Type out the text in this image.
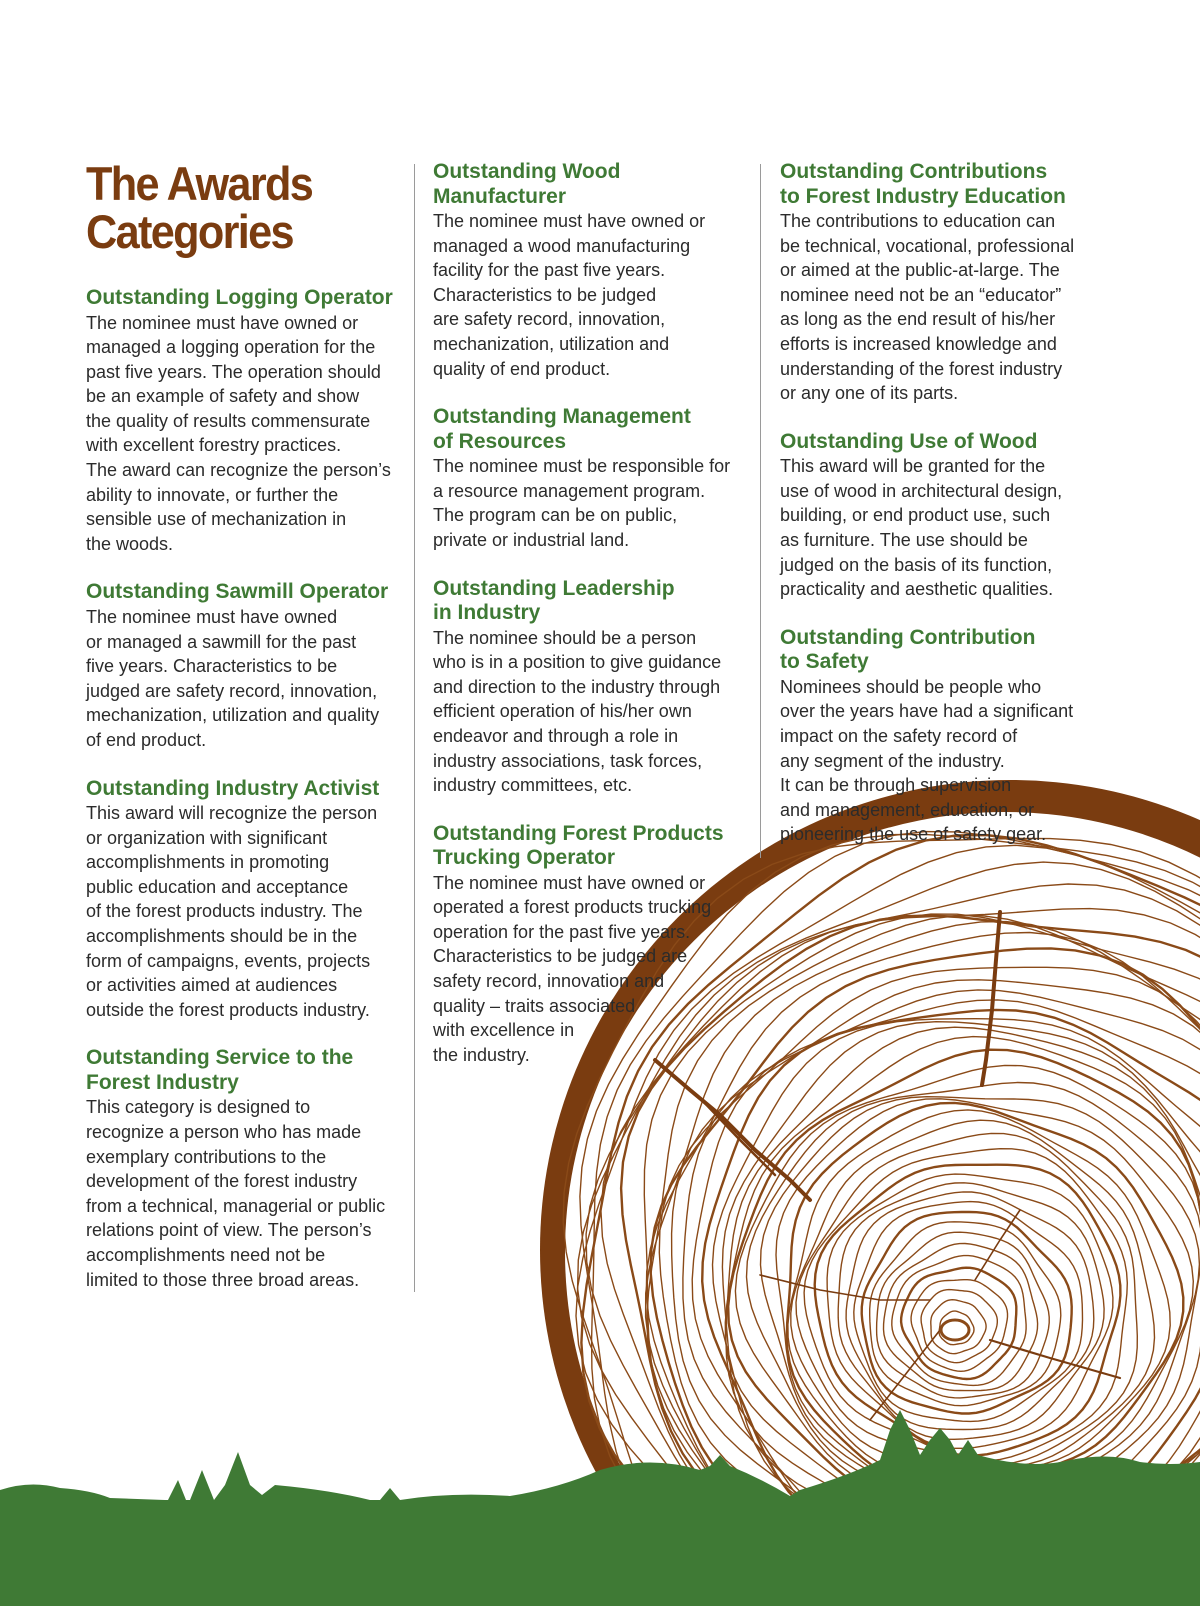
The Awards
Categories
Outstanding Logging Operator

The nominee must have owned or
managed a logging operation for the
past five years. The operation should
be an example of safety and show
the quality of results commensurate
with excellent forestry practices.
The award can recognize the person’s
ability to innovate, or further the
sensible use of mechanization in
the woods.

Outstanding Sawmill Operator

The nominee must have owned
or managed a sawmill for the past
five years. Characteristics to be
judged are safety record, innovation,
mechanization, utilization and quality
of end product.

Outstanding Industry Activist

This award will recognize the person
or organization with significant
accomplishments in promoting
public education and acceptance
of the forest products industry. The
accomplishments should be in the
form of campaigns, events, projects
or activities aimed at audiences
outside the forest products industry.

Outstanding Service to the
Forest Industry

This category is designed to
recognize a person who has made
exemplary contributions to the
development of the forest industry
from a technical, managerial or public
relations point of view. The person’s
accomplishments need not be
limited to those three broad areas.

Outstanding Wood
Manufacturer

The nominee must have owned or
managed a wood manufacturing
facility for the past five years.
Characteristics to be judged
are safety record, innovation,
mechanization, utilization and
quality of end product.

Outstanding Management
of Resources

The nominee must be responsible for
a resource management program.
The program can be on public,
private or industrial land.

Outstanding Leadership
in Industry

The nominee should be a person
who is in a position to give guidance
and direction to the industry through
efficient operation of his/her own
endeavor and through a role in
industry associations, task forces,
industry committees, etc.

Outstanding Forest Products
Trucking Operator

The nominee must have owned or
operated a forest products trucking
operation for the past five years.
Characteristics to be judged are
safety record, innovation and
quality – traits associated
with excellence in
the industry.

Outstanding Contributions
to Forest Industry Education

The contributions to education can
be technical, vocational, professional
or aimed at the public-at-large. The
nominee need not be an “educator”
as long as the end result of his/her
efforts is increased knowledge and
understanding of the forest industry
or any one of its parts.

Outstanding Use of Wood

This award will be granted for the
use of wood in architectural design,
building, or end product use, such
as furniture. The use should be
judged on the basis of its function,
practicality and aesthetic qualities.

Outstanding Contribution
to Safety

Nominees should be people who
over the years have had a significant
impact on the safety record of
any segment of the industry.
It can be through supervision
and management, education, or
pioneering the use of safety gear.
